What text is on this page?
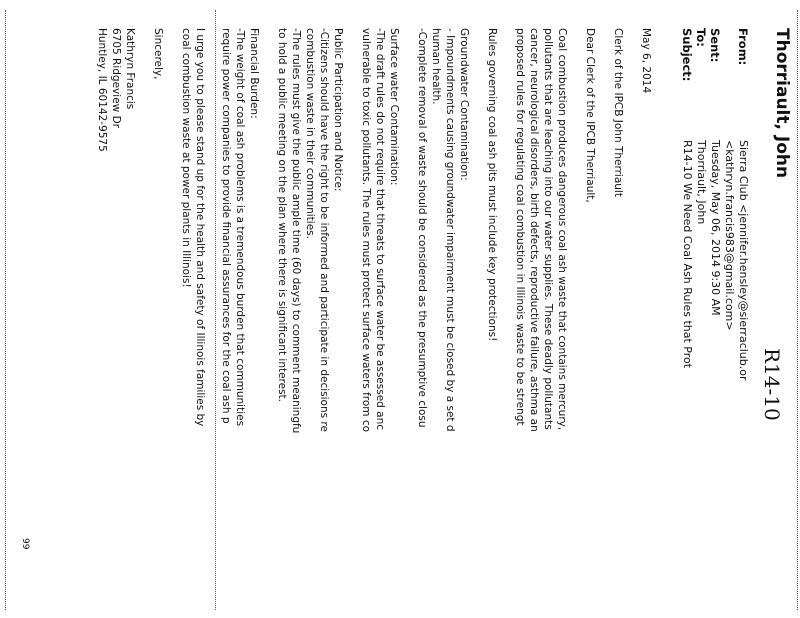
Thorriault, John
R14-10
From:
Sierra Club <jennifer.hensley@sierraclub.or
<kathryn.francis983@gmail.com>
Sent:
Tuesday, May 06, 2014 9:30 AM
To:
Thorriault, John
Subject:
R14-10 We Need Coal Ash Rules that Prot
May 6, 2014
Clerk of the IPCB John Therriault
Dear Clerk of the IPCB Therriault,
Coal combustion produces dangerous coal ash waste that contains mercury,
pollutants that are leaching into our water supplies. These deadly pollutants
cancer, neurological disorders, birth defects, reproductive failure, asthma an
proposed rules for regulating coal combustion in Illinois waste to be strengt
Rules governing coal ash pits must include key protections!
Groundwater Contamination:
- Impoundments causing groundwater impairment must be closed by a set d
human health.
-Complete removal of waste should be considered as the presumptive closu
Surface water Contamination:
-The draft rules do not require that threats to surface water be assessed anc
vulnerable to toxic pollutants. The rules must protect surface waters from co
Public Participation and Notice:
-Citizens should have the right to be informed and participate in decisions re
combustion waste in their communities.
-The rules must give the public ample time (60 days) to comment meaningfu
to hold a public meeting on the plan where there is significant interest.
Financial Burden:
-The weight of coal ash problems is a tremendous burden that communities
require power companies to provide financial assurances for the coal ash p
I urge you to please stand up for the health and safety of Illinois families by
coal combustion waste at power plants in Illinois!
Sincerely,
Kathryn Francis
6705 Ridgeview Dr
Huntley, IL 60142-9575
99
